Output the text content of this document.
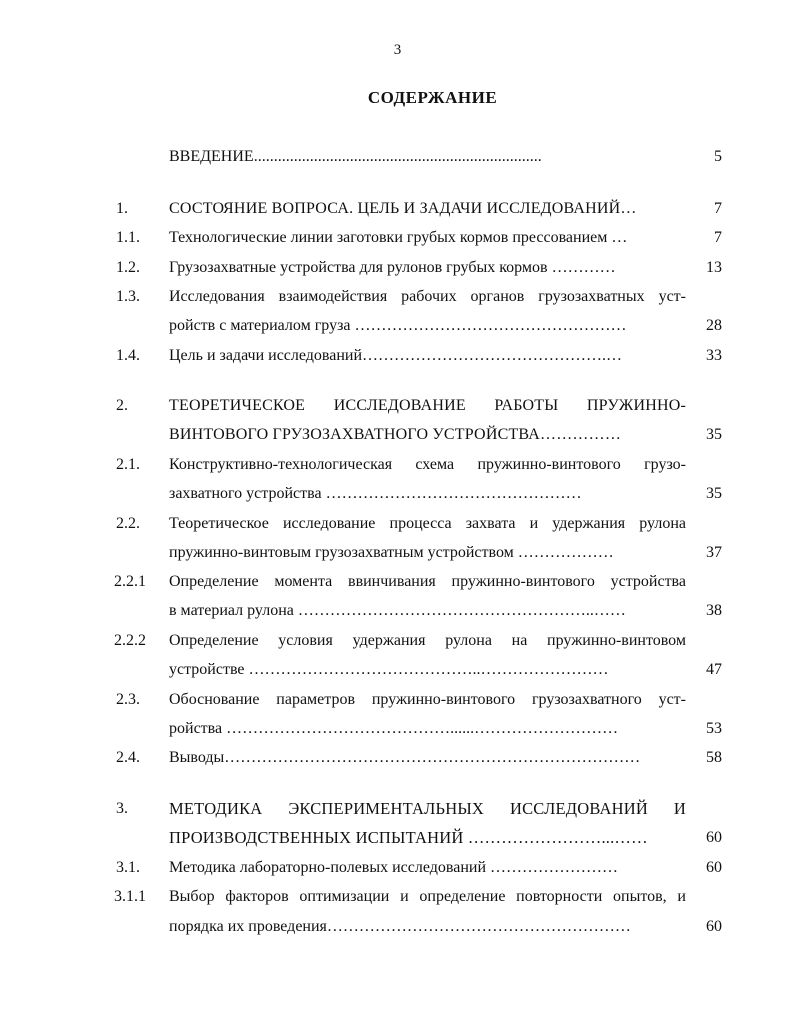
3
СОДЕРЖАНИЕ
ВВЕДЕНИЕ........................................................................	5
1.	СОСТОЯНИЕ ВОПРОСА. ЦЕЛЬ И ЗАДАЧИ ИССЛЕДОВАНИЙ…	7
1.1. Технологические линии заготовки грубых кормов прессованием …	7
1.2. Грузозахватные устройства для рулонов грубых кормов …………	13
1.3. Исследования взаимодействия рабочих органов грузозахватных уст-
ройств с материалом груза ……………………………………………	28
1.4. Цель и задачи исследований……………………………………….…	33
2.	ТЕОРЕТИЧЕСКОЕ ИССЛЕДОВАНИЕ РАБОТЫ ПРУЖИННО-
ВИНТОВОГО ГРУЗОЗАХВАТНОГО УСТРОЙСТВА……………	35
2.1. Конструктивно-технологическая схема пружинно-винтового грузо-
захватного устройства …………………………………………	35
2.2. Теоретическое исследование процесса захвата и удержания рулона
пружинно-винтовым грузозахватным устройством ………………	37
2.2.1 Определение момента ввинчивания пружинно-винтового устройства
в материал рулона ………………………………………………..……	38
2.2.2 Определение условия удержания рулона на пружинно-винтовом
устройстве ……………………………………..……………………	47
2.3. Обоснование параметров пружинно-винтового грузозахватного уст-
ройства ……………………………………......………………………	53
2.4. Выводы……………………………………………………………………	58
3. МЕТОДИКА ЭКСПЕРИМЕНТАЛЬНЫХ ИССЛЕДОВАНИЙ И
ПРОИЗВОДСТВЕННЫХ ИСПЫТАНИЙ ……………………...……	60
3.1. Методика лабораторно-полевых исследований ……………………	60
3.1.1 Выбор факторов оптимизации и определение повторности опытов, и
порядка их проведения…………………………………………………	60
